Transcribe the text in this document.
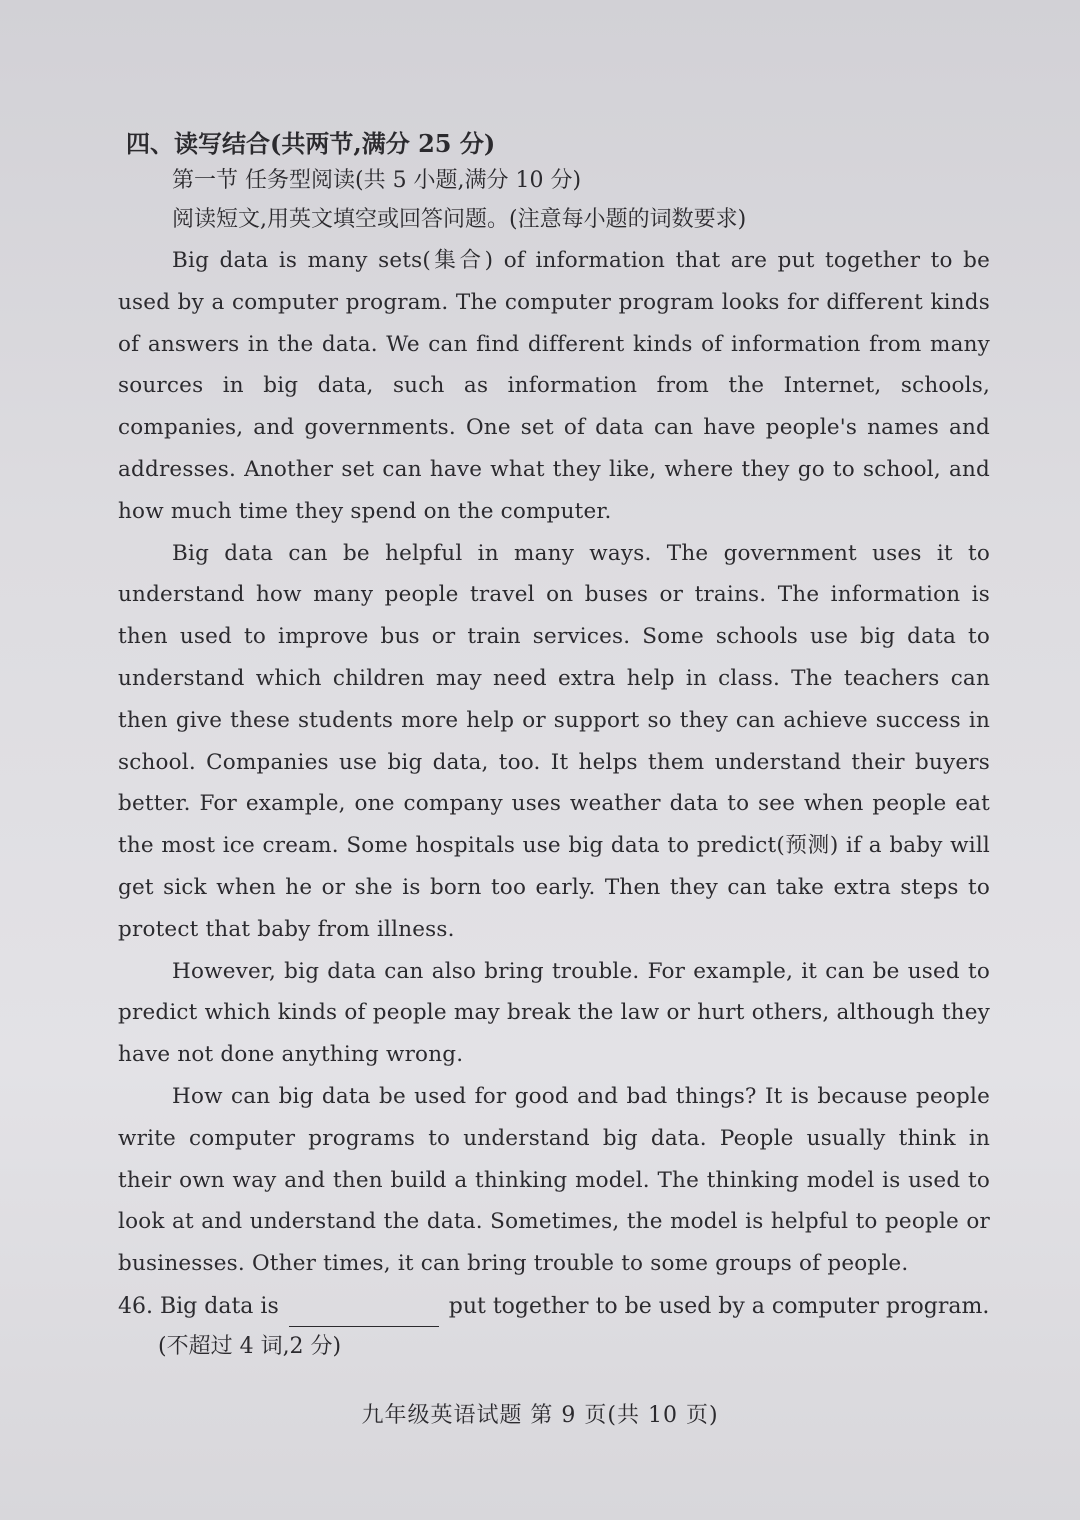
四、读写结合(共两节,满分 25 分)
第一节 任务型阅读(共 5 小题,满分 10 分)
阅读短文,用英文填空或回答问题。(注意每小题的词数要求)

Big data is many sets(集合) of information that are put together to be used by a computer program. The computer program looks for different kinds of answers in the data. We can find different kinds of information from many sources in big data, such as information from the Internet, schools, companies, and governments. One set of data can have people's names and addresses. Another set can have what they like, where they go to school, and how much time they spend on the computer.

Big data can be helpful in many ways. The government uses it to understand how many people travel on buses or trains. The information is then used to improve bus or train services. Some schools use big data to understand which children may need extra help in class. The teachers can then give these students more help or support so they can achieve success in school. Companies use big data, too. It helps them understand their buyers better. For example, one company uses weather data to see when people eat the most ice cream. Some hospitals use big data to predict(预测) if a baby will get sick when he or she is born too early. Then they can take extra steps to protect that baby from illness.

However, big data can also bring trouble. For example, it can be used to predict which kinds of people may break the law or hurt others, although they have not done anything wrong.

How can big data be used for good and bad things? It is because people write computer programs to understand big data. People usually think in their own way and then build a thinking model. The thinking model is used to look at and understand the data. Sometimes, the model is helpful to people or businesses. Other times, it can bring trouble to some groups of people.

46. Big data is	put together to be used by a computer program.
(不超过 4 词,2 分)
九年级英语试题 第 9 页(共 10 页)
